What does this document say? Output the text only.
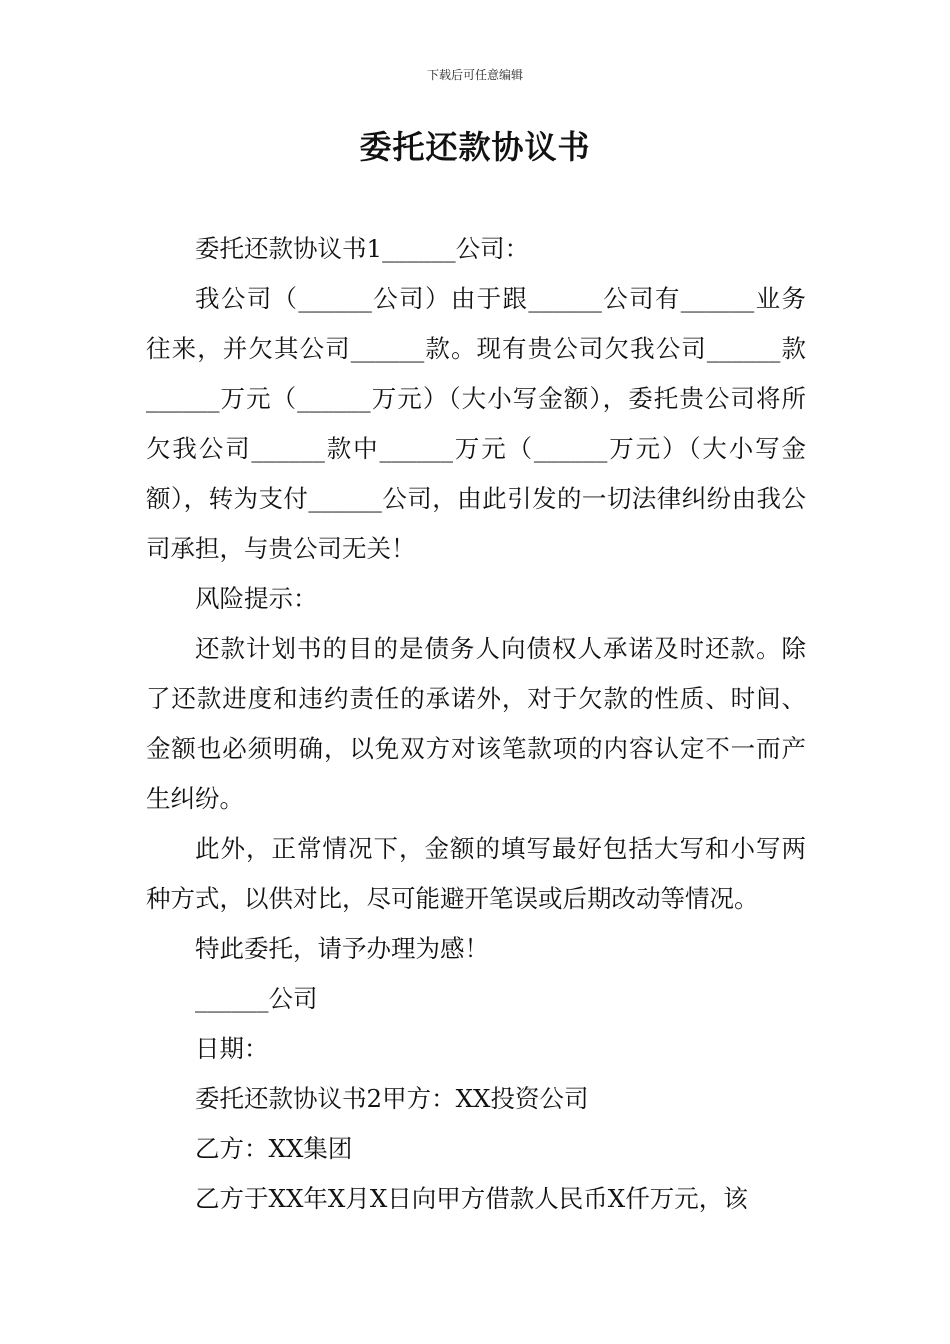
下载后可任意编辑
委托还款协议书

委托还款协议书1______公司：

我公司（______公司）由于跟______公司有______业务往来，并欠其公司______款。现有贵公司欠我公司______款______万元（______万元）（大小写金额），委托贵公司将所欠我公司______款中______万元（______万元）（大小写金额），转为支付______公司，由此引发的一切法律纠纷由我公司承担，与贵公司无关！

风险提示：

还款计划书的目的是债务人向债权人承诺及时还款。除了还款进度和违约责任的承诺外，对于欠款的性质、时间、金额也必须明确，以免双方对该笔款项的内容认定不一而产生纠纷。

此外，正常情况下，金额的填写最好包括大写和小写两种方式，以供对比，尽可能避开笔误或后期改动等情况。

特此委托，请予办理为感！

______公司

日期：

委托还款协议书2甲方：XX投资公司

乙方：XX集团

乙方于XX年X月X日向甲方借款人民币X仟万元，该
